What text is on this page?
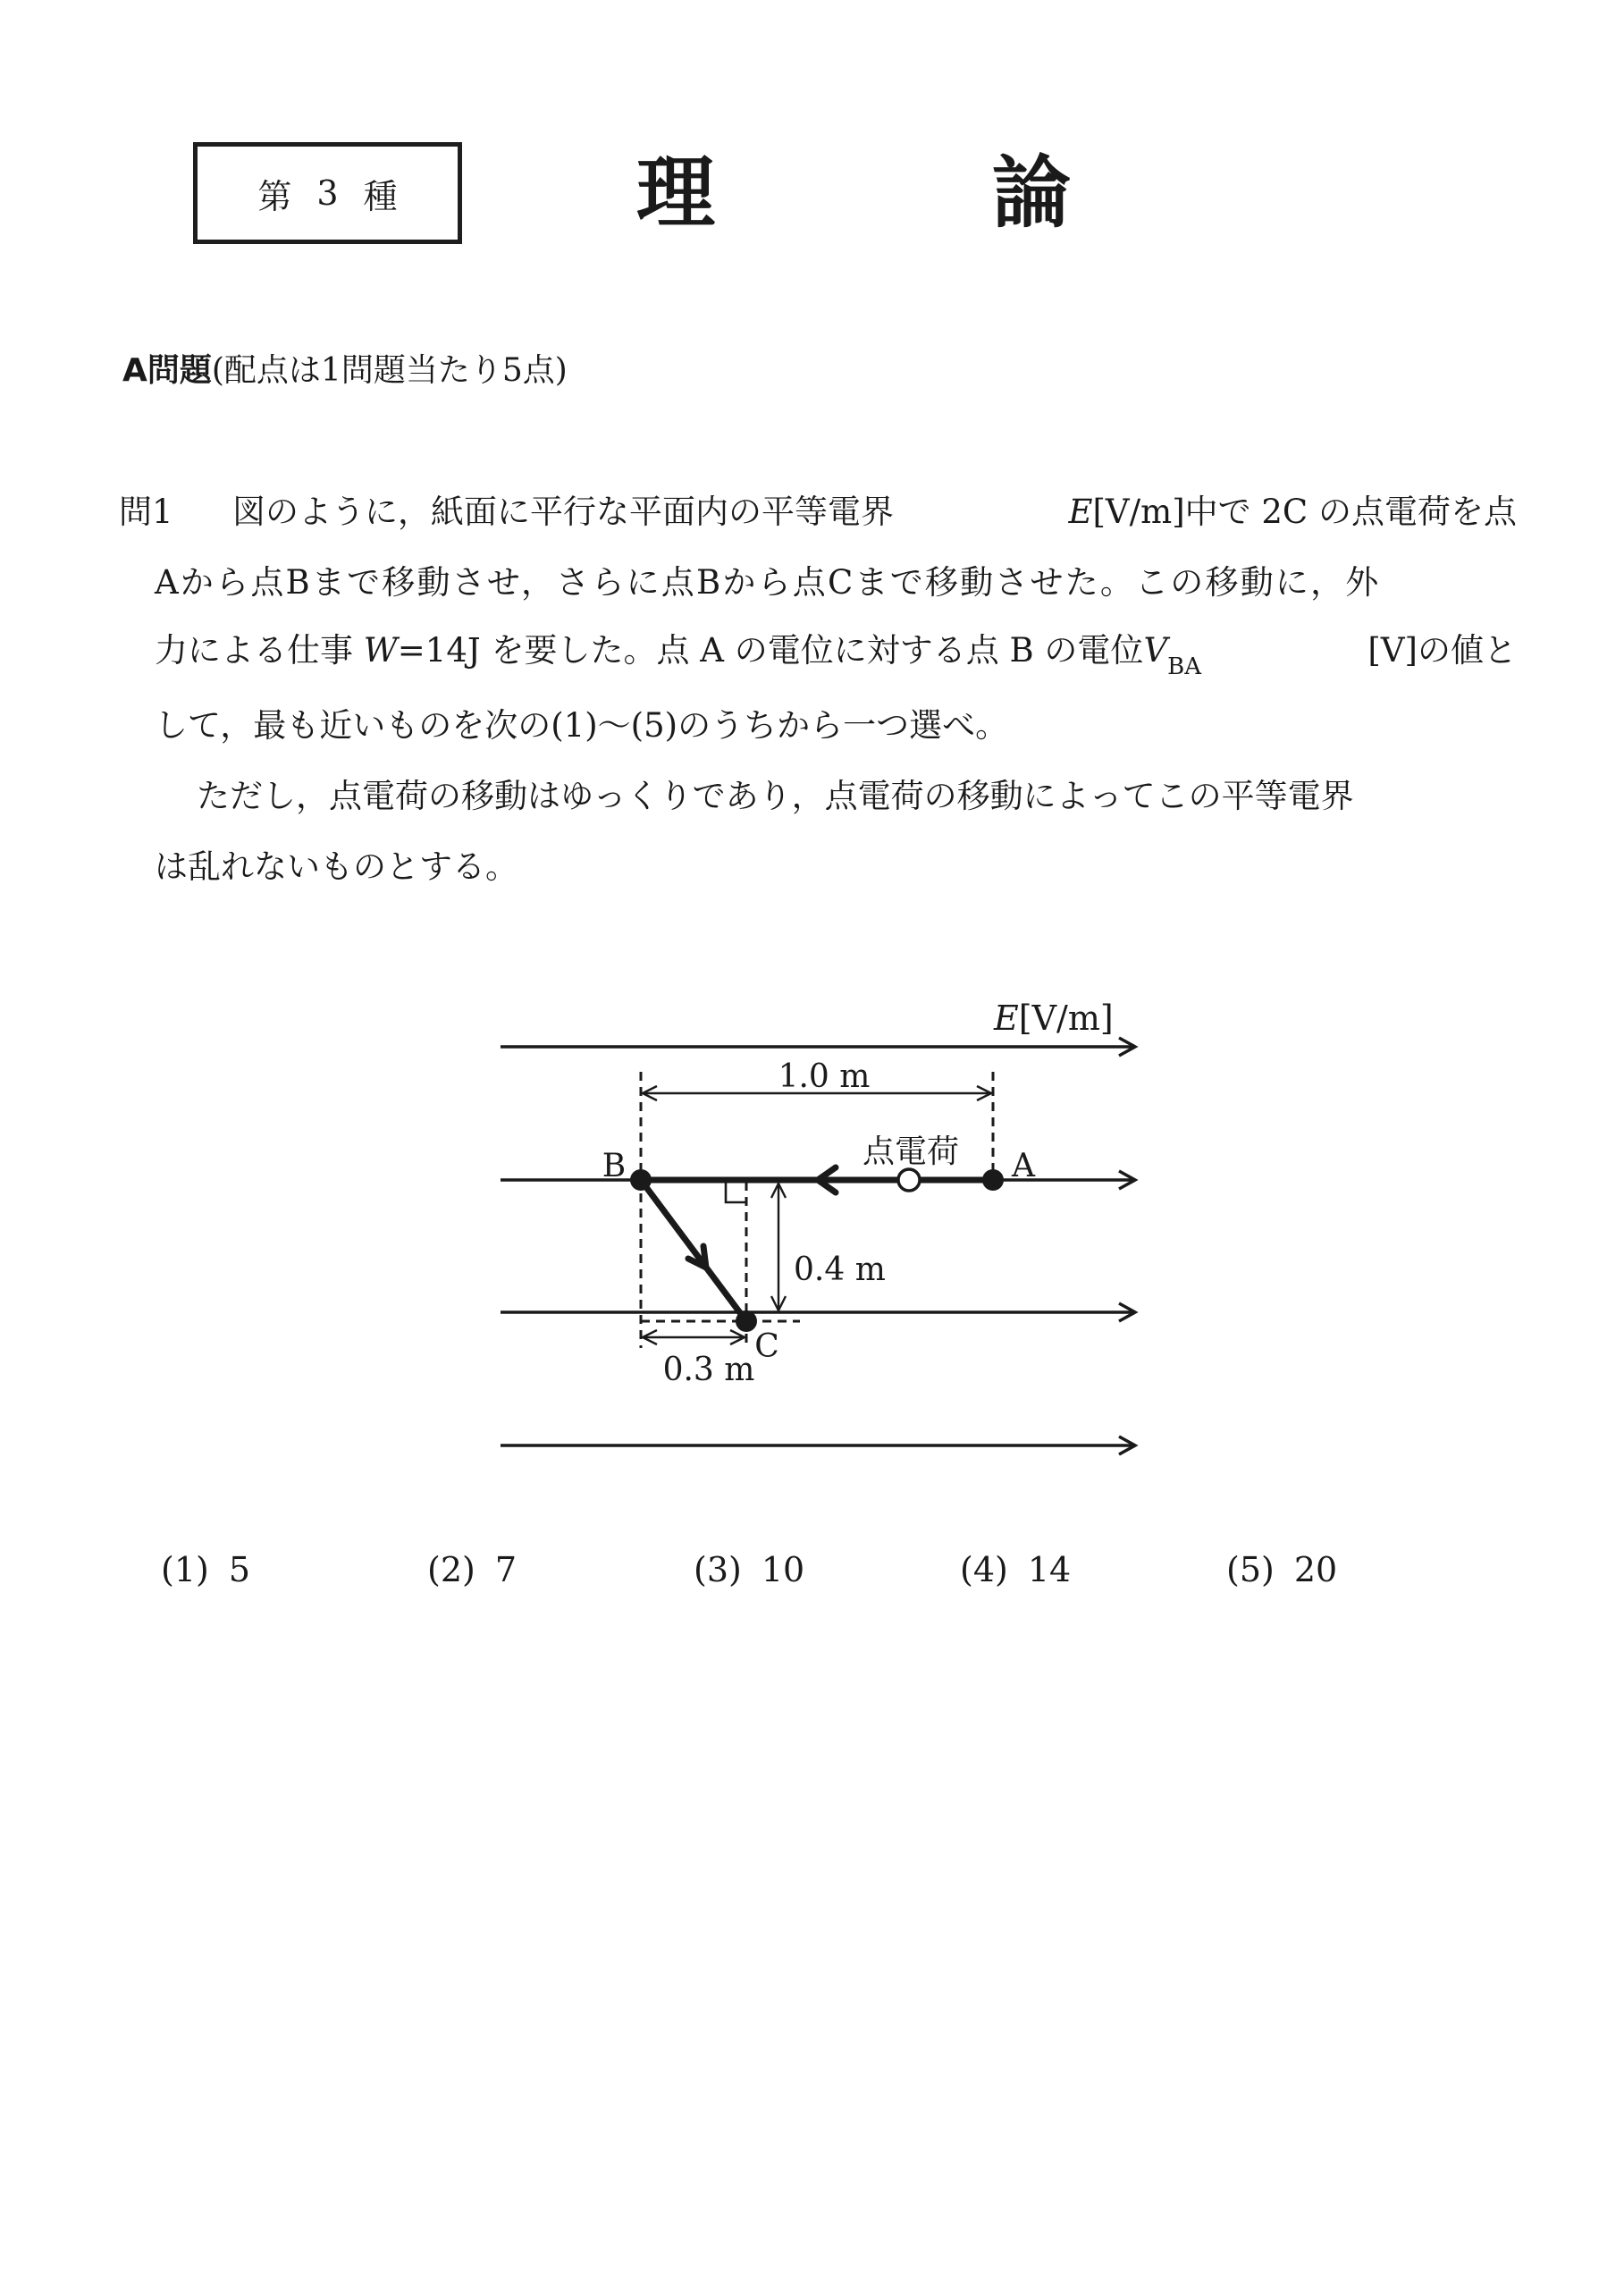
第 3 種	理	論
A問題(配点は1問題当たり5点)
問1	図のように，紙面に平行な平面内の平等電界	E[V/m]中で 2C の点電荷を点
Aから点Bまで移動させ，さらに点Bから点Cまで移動させた。この移動に，外
力による仕事 W=14J を要した。点 A の電位に対する点 B の電位VBA	[V]の値と
して，最も近いものを次の(1)～(5)のうちから一つ選べ。
ただし，点電荷の移動はゆっくりであり，点電荷の移動によってこの平等電界
は乱れないものとする。
E[V/m]
1.0 m
0.4 m
0.3 m
B	A
C
点電荷
(1) 5	(2) 7	(3) 10	(4) 14	(5) 20
